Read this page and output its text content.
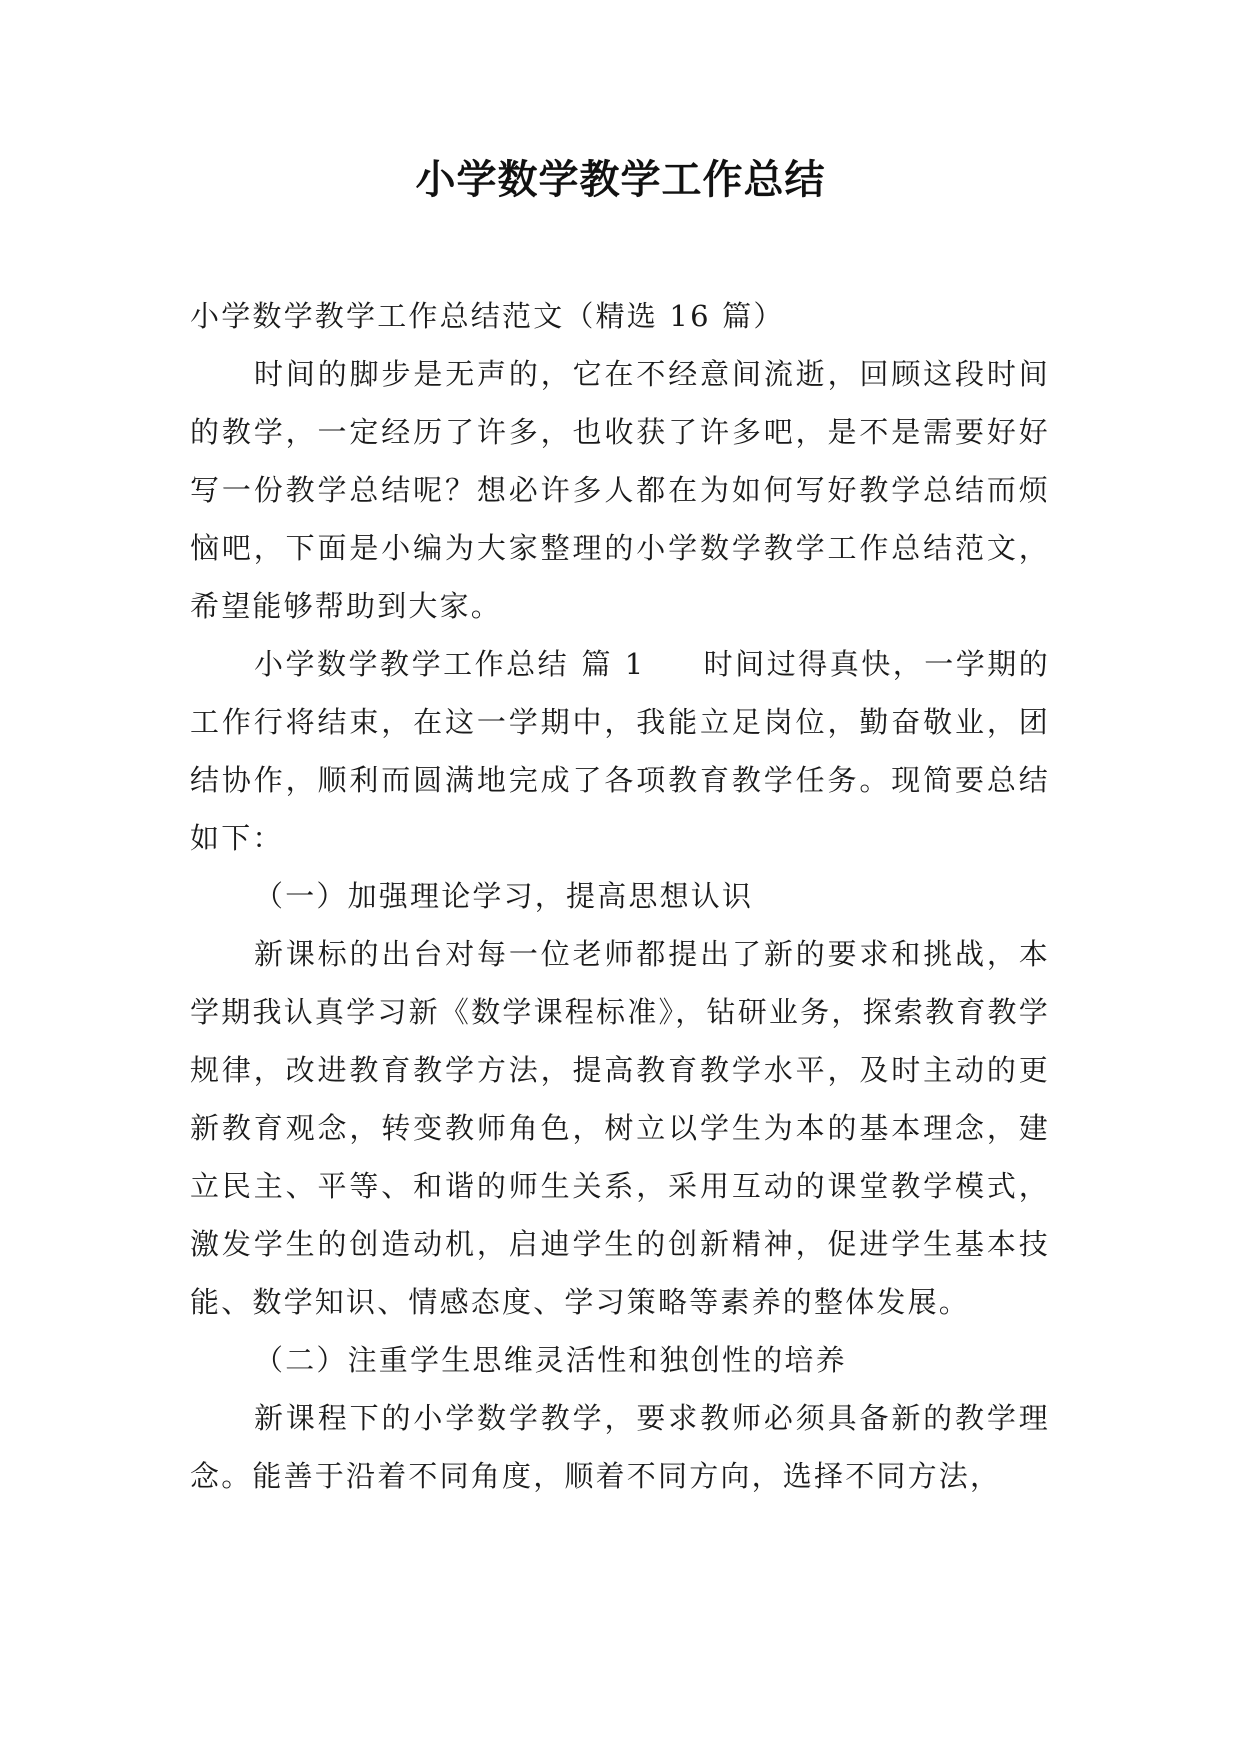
小学数学教学工作总结

小学数学教学工作总结范文（精选 16 篇）

时间的脚步是无声的，它在不经意间流逝，回顾这段时间的教学，一定经历了许多，也收获了许多吧，是不是需要好好写一份教学总结呢？想必许多人都在为如何写好教学总结而烦恼吧，下面是小编为大家整理的小学数学教学工作总结范文，希望能够帮助到大家。

小学数学教学工作总结 篇 1 时间过得真快，一学期的工作行将结束，在这一学期中，我能立足岗位，勤奋敬业，团结协作，顺利而圆满地完成了各项教育教学任务。现简要总结如下：

（一）加强理论学习，提高思想认识

新课标的出台对每一位老师都提出了新的要求和挑战，本学期我认真学习新《数学课程标准》，钻研业务，探索教育教学规律，改进教育教学方法，提高教育教学水平，及时主动的更新教育观念，转变教师角色，树立以学生为本的基本理念，建立民主、平等、和谐的师生关系，采用互动的课堂教学模式，激发学生的创造动机，启迪学生的创新精神，促进学生基本技能、数学知识、情感态度、学习策略等素养的整体发展。

（二）注重学生思维灵活性和独创性的培养

新课程下的小学数学教学，要求教师必须具备新的教学理念。能善于沿着不同角度，顺着不同方向，选择不同方法，
